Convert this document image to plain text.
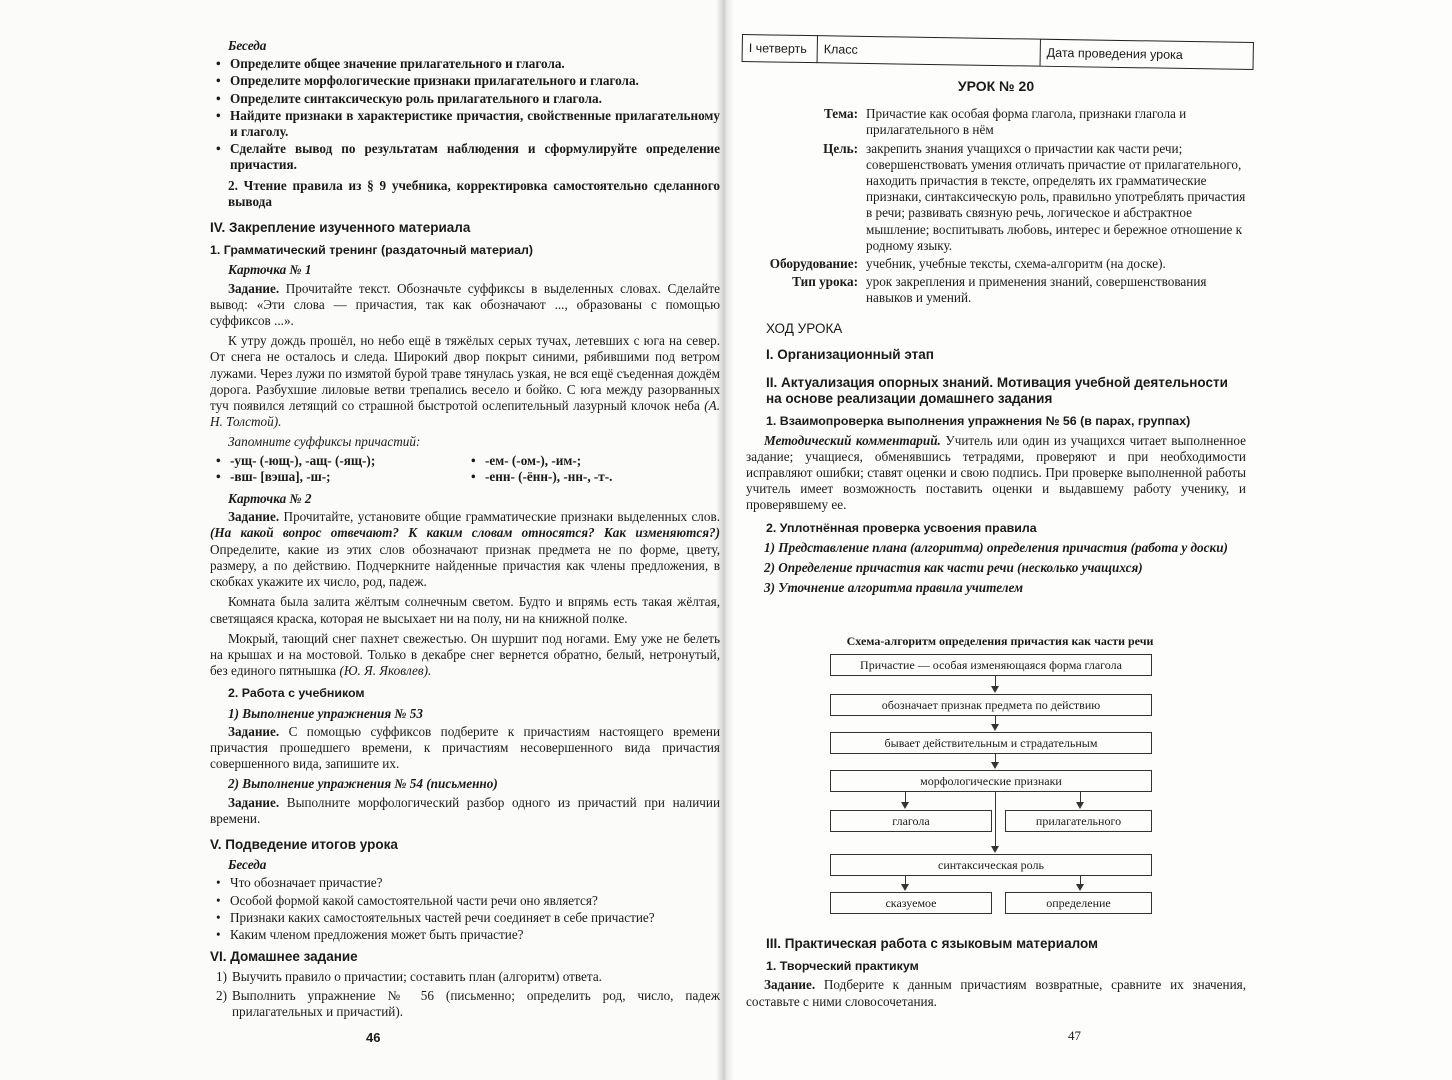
Беседа

• Определите общее значение прилагательного и глагола.
• Определите морфологические признаки прилагательного и глагола.
• Определите синтаксическую роль прилагательного и глагола.
• Найдите признаки в характеристике причастия, свойственные прилагательному и глаголу.
• Сделайте вывод по результатам наблюдения и сформулируйте определение причастия.

2. Чтение правила из § 9 учебника, корректировка самостоятельно сделанного вывода

IV. Закрепление изученного материала
1. Грамматический тренинг (раздаточный материал)

Карточка № 1

Задание. Прочитайте текст. Обозначьте суффиксы в выделенных словах. Сделайте вывод: «Эти слова — причастия, так как обозначают ..., образованы с помощью суффиксов ...».

К утру дождь прошёл, но небо ещё в тяжёлых серых тучах, летевших с юга на север. От снега не осталось и следа. Широкий двор покрыт синими, рябившими под ветром лужами. Через лужи по измятой бурой траве тянулась узкая, не вся ещё съеденная дождём дорога. Разбухшие лиловые ветви трепались весело и бойко. С юга между разорванных туч появился летящий со страшной быстротой ослепительный лазурный клочок неба (А. Н. Толстой).

Запомните суффиксы причастий:

• -ущ- (-ющ-), -ащ- (-ящ-);
• -вш- [вэша], -ш-;
• -ем- (-ом-), -им-;
• -енн- (-ённ-), -нн-, -т-.

Карточка № 2

Задание. Прочитайте, установите общие грамматические признаки выделенных слов. (На какой вопрос отвечают? К каким словам относятся? Как изменяются?) Определите, какие из этих слов обозначают признак предмета не по форме, цвету, размеру, а по действию. Подчеркните найденные причастия как члены предложения, в скобках укажите их число, род, падеж.

Комната была залита жёлтым солнечным светом. Будто и впрямь есть такая жёлтая, светящаяся краска, которая не высыхает ни на полу, ни на книжной полке.

Мокрый, тающий снег пахнет свежестью. Он шуршит под ногами. Ему уже не белеть на крышах и на мостовой. Только в декабре снег вернется обратно, белый, нетронутый, без единого пятнышка (Ю. Я. Яковлев).

2. Работа с учебником

1) Выполнение упражнения № 53

Задание. С помощью суффиксов подберите к причастиям настоящего времени причастия прошедшего времени, к причастиям несовершенного вида причастия совершенного вида, запишите их.

2) Выполнение упражнения № 54 (письменно)

Задание. Выполните морфологический разбор одного из причастий при наличии времени.

V. Подведение итогов урока

Беседа

• Что обозначает причастие?
• Особой формой какой самостоятельной части речи оно является?
• Признаки каких самостоятельных частей речи соединяет в себе причастие?
• Каким членом предложения может быть причастие?
VI. Домашнее задание
1) Выучить правило о причастии; составить план (алгоритм) ответа.
2) Выполнить упражнение № 56 (письменно; определить род, число, падеж прилагательных и причастий).
46
I четверть	Класс	Дата проведения урока
УРОК № 20
Тема: Причастие как особая форма глагола, признаки глагола и прилагательного в нём
Цель: закрепить знания учащихся о причастии как части речи; совершенствовать умения отличать причастие от прилагательного, находить причастия в тексте, определять их грамматические признаки, синтаксическую роль, правильно употреблять причастия в речи; развивать связную речь, логическое и абстрактное мышление; воспитывать любовь, интерес и бережное отношение к родному языку.
Оборудование: учебник, учебные тексты, схема-алгоритм (на доске).
Тип урока: урок закрепления и применения знаний, совершенствования навыков и умений.
ХОД УРОКА
I. Организационный этап
II. Актуализация опорных знаний. Мотивация учебной деятельности на основе реализации домашнего задания
1. Взаимопроверка выполнения упражнения № 56 (в парах, группах)

Методический комментарий. Учитель или один из учащихся читает выполненное задание; учащиеся, обменявшись тетрадями, проверяют и при необходимости исправляют ошибки; ставят оценки и свою подпись. При проверке выполненной работы учитель имеет возможность поставить оценки и выдавшему работу ученику, и проверявшему ее.

2. Уплотнённая проверка усвоения правила

1) Представление плана (алгоритма) определения причастия (работа у доски)

2) Определение причастия как части речи (несколько учащихся)

3) Уточнение алгоритма правила учителем

Схема-алгоритм определения причастия как части речи
Причастие — особая изменяющаяся форма глагола
обозначает признак предмета по действию
бывает действительным и страдательным
морфологические признаки
глагола	прилагательного
синтаксическая роль
сказуемое	определение
III. Практическая работа с языковым материалом
1. Творческий практикум

Задание. Подберите к данным причастиям возвратные, сравните их значения, составьте с ними словосочетания.

47
